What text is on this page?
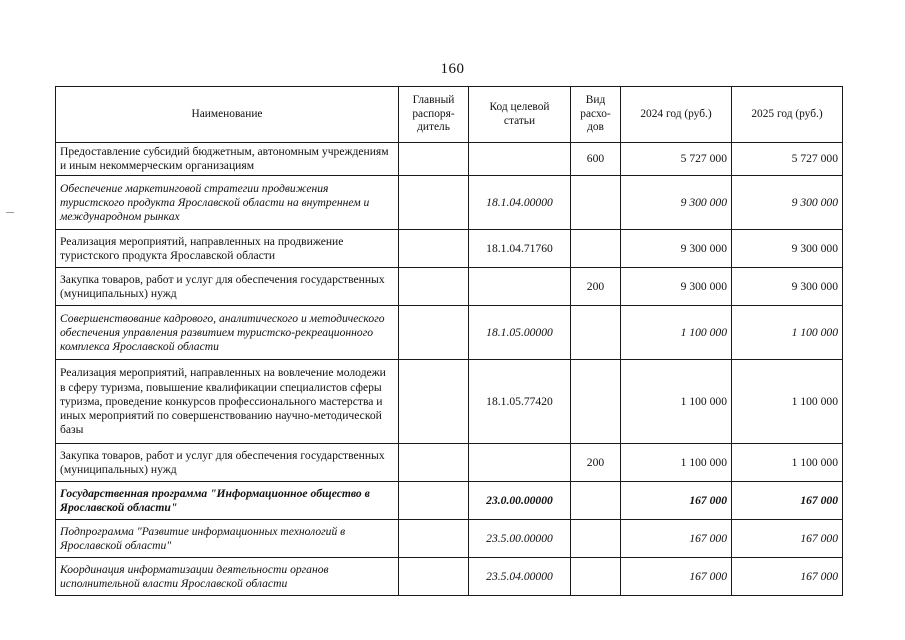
160
Наименование	Главный распоря-дитель	Код целевой статьи	Вид расхо-дов	2024 год (руб.)	2025 год (руб.)
Предоставление субсидий бюджетным, автономным учреждениям и иным некоммерческим организациям			600	5 727 000	5 727 000
Обеспечение маркетинговой стратегии продвижения туристского продукта Ярославской области на внутреннем и международном рынках		18.1.04.00000		9 300 000	9 300 000
Реализация мероприятий, направленных на продвижение туристского продукта Ярославской области		18.1.04.71760		9 300 000	9 300 000
Закупка товаров, работ и услуг для обеспечения государственных (муниципальных) нужд			200	9 300 000	9 300 000
Совершенствование кадрового, аналитического и методического обеспечения управления развитием туристско-рекреационного комплекса Ярославской области		18.1.05.00000		1 100 000	1 100 000
Реализация мероприятий, направленных на вовлечение молодежи в сферу туризма, повышение квалификации специалистов сферы туризма, проведение конкурсов профессионального мастерства и иных мероприятий по совершенствованию научно-методической базы		18.1.05.77420		1 100 000	1 100 000
Закупка товаров, работ и услуг для обеспечения государственных (муниципальных) нужд			200	1 100 000	1 100 000
Государственная программа "Информационное общество в Ярославской области"		23.0.00.00000		167 000	167 000
Подпрограмма "Развитие информационных технологий в Ярославской области"		23.5.00.00000		167 000	167 000
Координация информатизации деятельности органов исполнительной власти Ярославской области		23.5.04.00000		167 000	167 000
